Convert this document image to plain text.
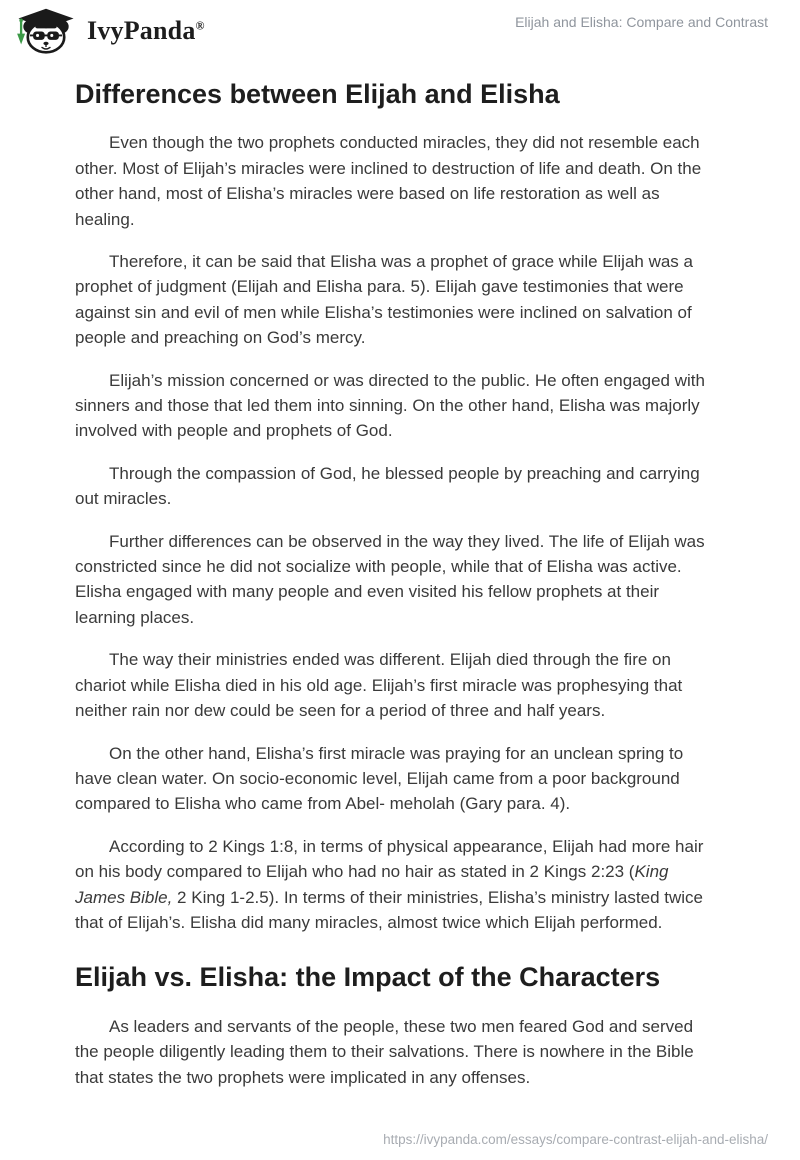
IvyPanda®	Elijah and Elisha: Compare and Contrast
Differences between Elijah and Elisha

Even though the two prophets conducted miracles, they did not resemble each other. Most of Elijah’s miracles were inclined to destruction of life and death. On the other hand, most of Elisha’s miracles were based on life restoration as well as healing.

Therefore, it can be said that Elisha was a prophet of grace while Elijah was a prophet of judgment (Elijah and Elisha para. 5). Elijah gave testimonies that were against sin and evil of men while Elisha’s testimonies were inclined on salvation of people and preaching on God’s mercy.

Elijah’s mission concerned or was directed to the public. He often engaged with sinners and those that led them into sinning. On the other hand, Elisha was majorly involved with people and prophets of God.

Through the compassion of God, he blessed people by preaching and carrying out miracles.

Further differences can be observed in the way they lived. The life of Elijah was constricted since he did not socialize with people, while that of Elisha was active. Elisha engaged with many people and even visited his fellow prophets at their learning places.

The way their ministries ended was different. Elijah died through the fire on chariot while Elisha died in his old age. Elijah’s first miracle was prophesying that neither rain nor dew could be seen for a period of three and half years.

On the other hand, Elisha’s first miracle was praying for an unclean spring to have clean water. On socio-economic level, Elijah came from a poor background compared to Elisha who came from Abel- meholah (Gary para. 4).

According to 2 Kings 1:8, in terms of physical appearance, Elijah had more hair on his body compared to Elijah who had no hair as stated in 2 Kings 2:23 (King James Bible, 2 King 1-2.5). In terms of their ministries, Elisha’s ministry lasted twice that of Elijah’s. Elisha did many miracles, almost twice which Elijah performed.

Elijah vs. Elisha: the Impact of the Characters

As leaders and servants of the people, these two men feared God and served the people diligently leading them to their salvations. There is nowhere in the Bible that states the two prophets were implicated in any offenses.

https://ivypanda.com/essays/compare-contrast-elijah-and-elisha/
